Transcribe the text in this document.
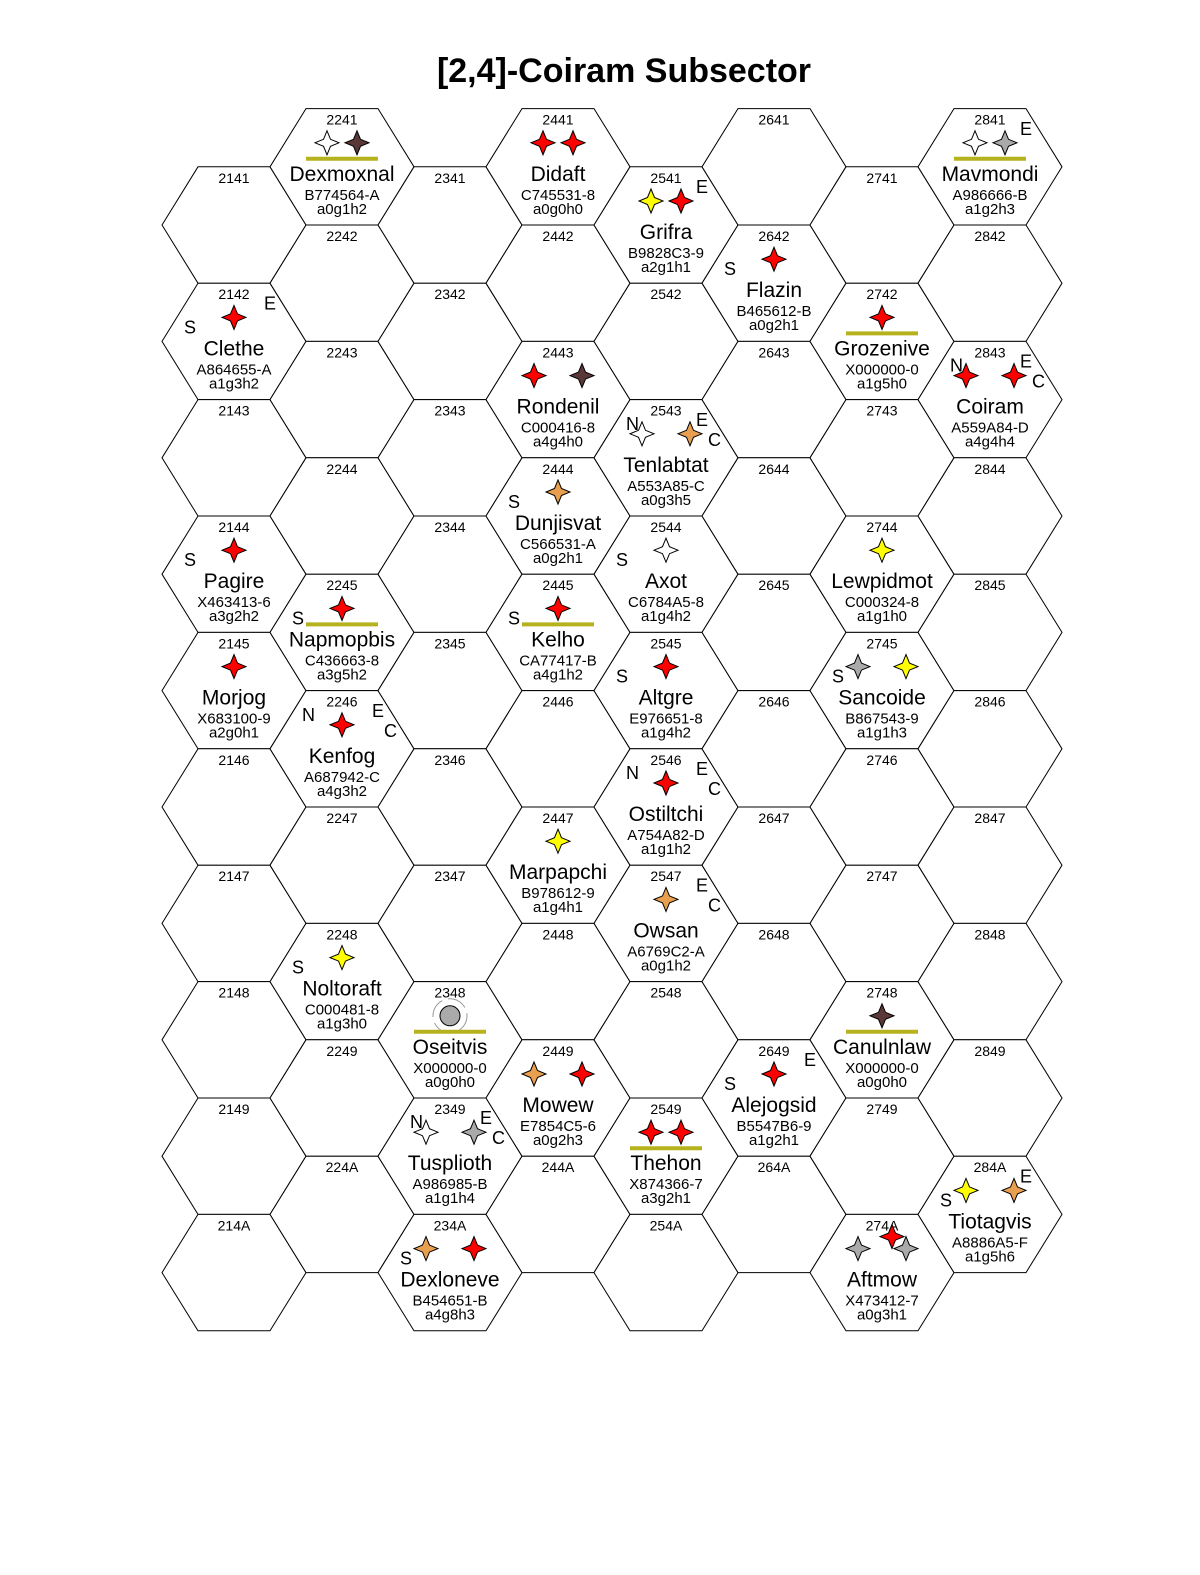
[2,4]-Coiram Subsector
2141
2142
S
E
Clethe
A864655-A
a1g3h2
2143
2144
S
Pagire
X463413-6
a3g2h2
2145
Morjog
X683100-9
a2g0h1
2146
2147
2148
2149
214A
2241
Dexmoxnal
B774564-A
a0g1h2
2242
2243
2244
2245
S
Napmopbis
C436663-8
a3g5h2
2246
N	E
C
Kenfog
A687942-C
a4g3h2
2247
2248
S
Noltoraft
C000481-8
a1g3h0
2249
224A
2341
2342
2343
2344
2345
2346
2347
2348
Oseitvis
X000000-0
a0g0h0
2349
N	E
C
Tusplioth
A986985-B
a1g1h4
234A
S
Dexloneve
B454651-B
a4g8h3
2441
Didaft
C745531-8
a0g0h0
2442
2443
Rondenil
C000416-8
a4g4h0
2444
S
Dunjisvat
C566531-A
a0g2h1
2445
S
Kelho
CA77417-B
a4g1h2
2446
2447
Marpapchi
B978612-9
a1g4h1
2448
2449
Mowew
E7854C5-6
a0g2h3
244A
2541 E
Grifra
B9828C3-9
a2g1h1
2542
2543
N	E
C
Tenlabtat
A553A85-C
a0g3h5
2544
S
Axot
C6784A5-8
a1g4h2
2545
S
Altgre
E976651-8
a1g4h2
2546
N	E
C
Ostiltchi
A754A82-D
a1g1h2
2547 E
C
Owsan
A6769C2-A
a0g1h2
2548
2549
Thehon
X874366-7
a3g2h1
254A
2641
2642
S
Flazin
B465612-B
a0g2h1
2643
2644
2645
2646
2647
2648
2649
S
E
Alejogsid
B5547B6-9
a1g2h1
264A
2741
2742
Grozenive
X000000-0
a1g5h0
2743
2744
Lewpidmot
C000324-8
a1g1h0
2745
S
Sancoide
B867543-9
a1g1h3
2746
2747
2748
Canulnlaw
X000000-0
a0g0h0
2749
274A
Aftmow
X473412-7
a0g3h1
2841 E
Mavmondi
A986666-B
a1g2h3
2842
2843
N	E
C
Coiram
A559A84-D
a4g4h4
2844
2845
2846
2847
2848
2849
284A
S
E
Tiotagvis
A8886A5-F
a1g5h6
